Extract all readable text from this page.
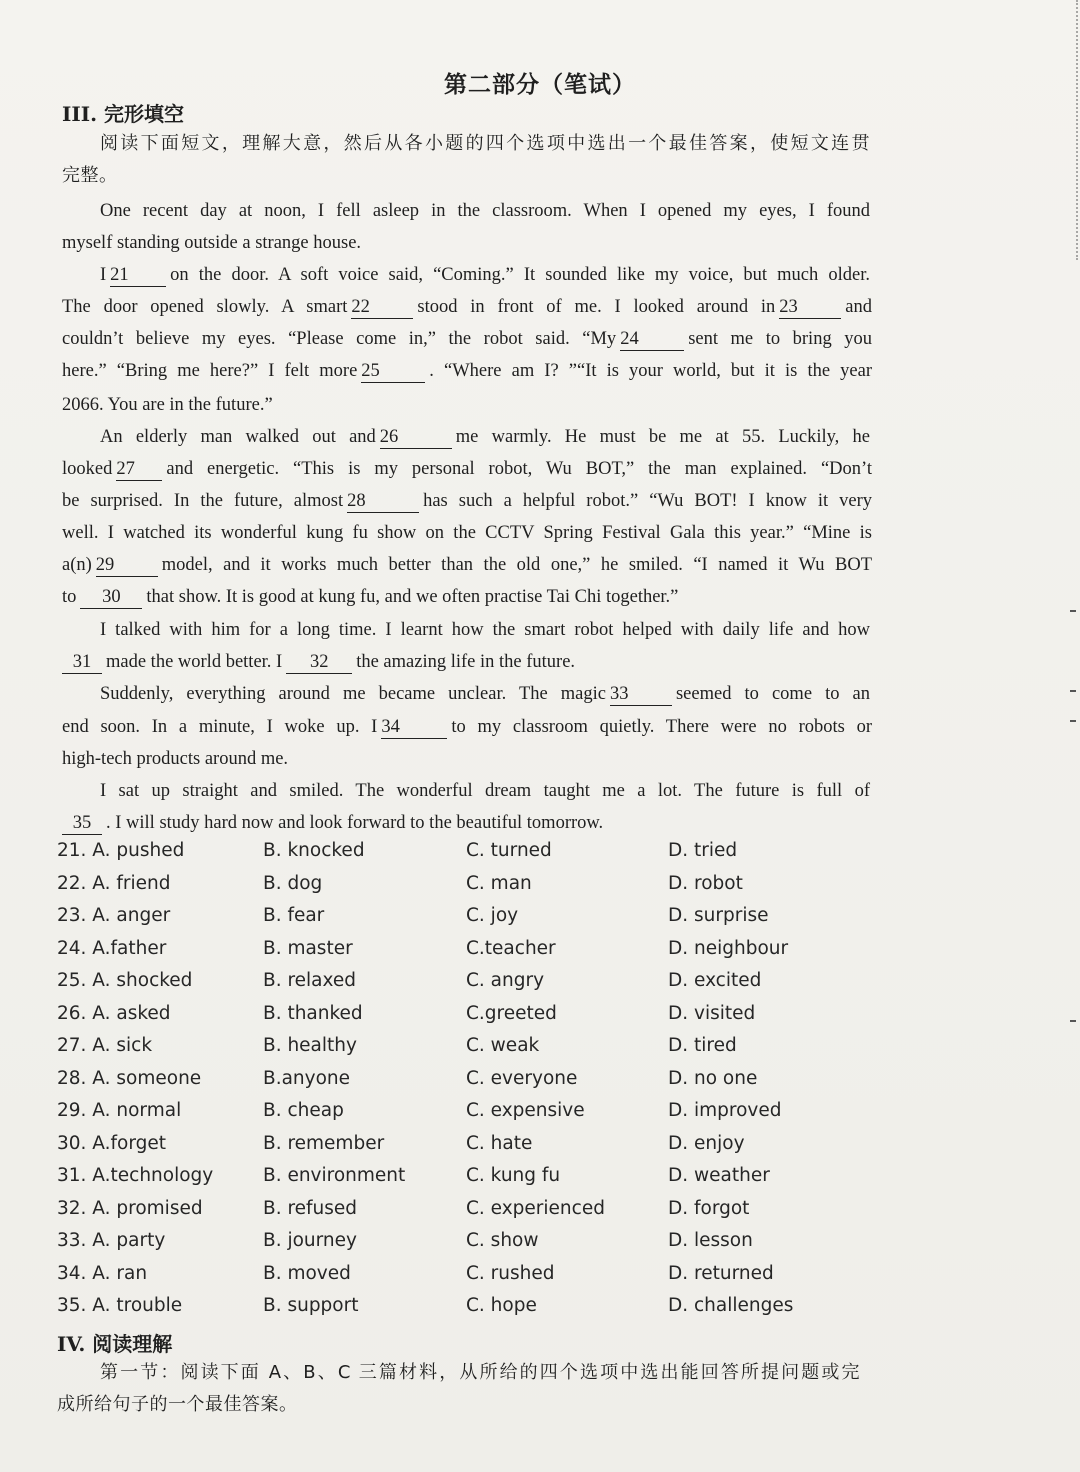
第二部分（笔试）
III. 完形填空
阅读下面短文，理解大意，然后从各小题的四个选项中选出一个最佳答案，使短文连贯
完整。
One recent day at noon, I fell asleep in the classroom. When I opened my eyes, I found
myself standing outside a strange house.
I 21 on the door. A soft voice said, “Coming.” It sounded like my voice, but much older.
The door opened slowly. A smart 22	stood in front of me. I looked around in 23	and
couldn’t believe my eyes. “Please come in,” the robot said. “My 24	sent me to bring you
here.” “Bring me here?” I felt more 25	. “Where am I? ”“It is your world, but it is the year
2066. You are in the future.”
An elderly man walked out and 26	me warmly. He must be me at 55. Luckily, he
looked 27 and energetic. “This is my personal robot, Wu BOT,” the man explained. “Don’t
be surprised. In the future, almost 28	has such a helpful robot.” “Wu BOT! I know it very
well. I watched its wonderful kung fu show on the CCTV Spring Festival Gala this year.” “Mine is
a(n) 29	model, and it works much better than the old one,” he smiled. “I named it Wu BOT
to 30 that show. It is good at kung fu, and we often practise Tai Chi together.”
I talked with him for a long time. I learnt how the smart robot helped with daily life and how
31 made the world better. I 32 the amazing life in the future.
Suddenly, everything around me became unclear. The magic 33	seemed to come to an
end soon. In a minute, I woke up. I 34	to my classroom quietly. There were no robots or
high-tech products around me.
I sat up straight and smiled. The wonderful dream taught me a lot. The future is full of
35 . I will study hard now and look forward to the beautiful tomorrow.
21. A. pushed	B. knocked	C. turned	D. tried
22. A. friend	B. dog	C. man	D. robot
23. A. anger	B. fear	C. joy	D. surprise
24. A.father	B. master	C.teacher	D. neighbour
25. A. shocked	B. relaxed	C. angry	D. excited
26. A. asked	B. thanked	C.greeted	D. visited
27. A. sick	B. healthy	C. weak	D. tired
28. A. someone	B.anyone	C. everyone	D. no one
29. A. normal	B. cheap	C. expensive	D. improved
30. A.forget	B. remember	C. hate	D. enjoy
31. A.technology	B. environment	C. kung fu	D. weather
32. A. promised	B. refused	C. experienced	D. forgot
33. A. party	B. journey	C. show	D. lesson
34. A. ran	B. moved	C. rushed	D. returned
35. A. trouble	B. support	C. hope	D. challenges
IV. 阅读理解
第一节：阅读下面 A、B、C 三篇材料，从所给的四个选项中选出能回答所提问题或完
成所给句子的一个最佳答案。
